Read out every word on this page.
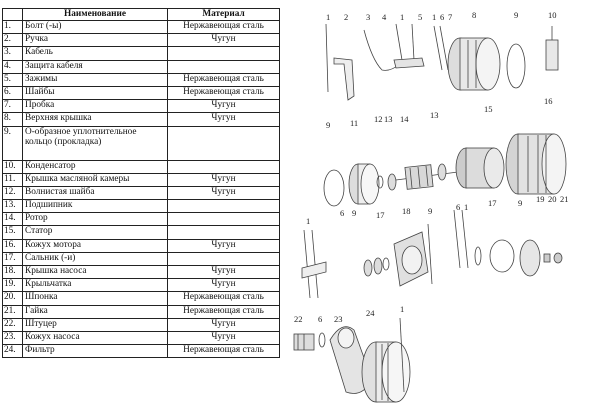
	Наименование	Материал
1.	Болт (-ы)	Нержавеющая сталь
2.	Ручка	Чугун
3.	Кабель	
4.	Защита кабеля	
5.	Зажимы	Нержавеющая сталь
6.	Шайбы	Нержавеющая сталь
7.	Пробка	Чугун
8.	Верхняя крышка	Чугун
9.	О-образное уплотнительное кольцо (прокладка)	
10.	Конденсатор	
11.	Крышка масляной камеры	Чугун
12.	Волнистая шайба	Чугун
13.	Подшипник	
14.	Ротор	
15.	Статор	
16.	Кожух мотора	Чугун
17.	Сальник (-и)	
18.	Крышка насоса	Чугун
19.	Крыльчатка	Чугун
20.	Шпонка	Нержавеющая сталь
21.	Гайка	Нержавеющая сталь
22.	Штуцер	Чугун
23.	Кожух насоса	Чугун
24.	Фильтр	Нержавеющая сталь
1 2 3 4 1 5 1 6 7 8	9	10
9 11 12 13 14	13
15
16
1
6 9 17 18 9	6 1 17	9 19 20 21
22 6 23
24	1
